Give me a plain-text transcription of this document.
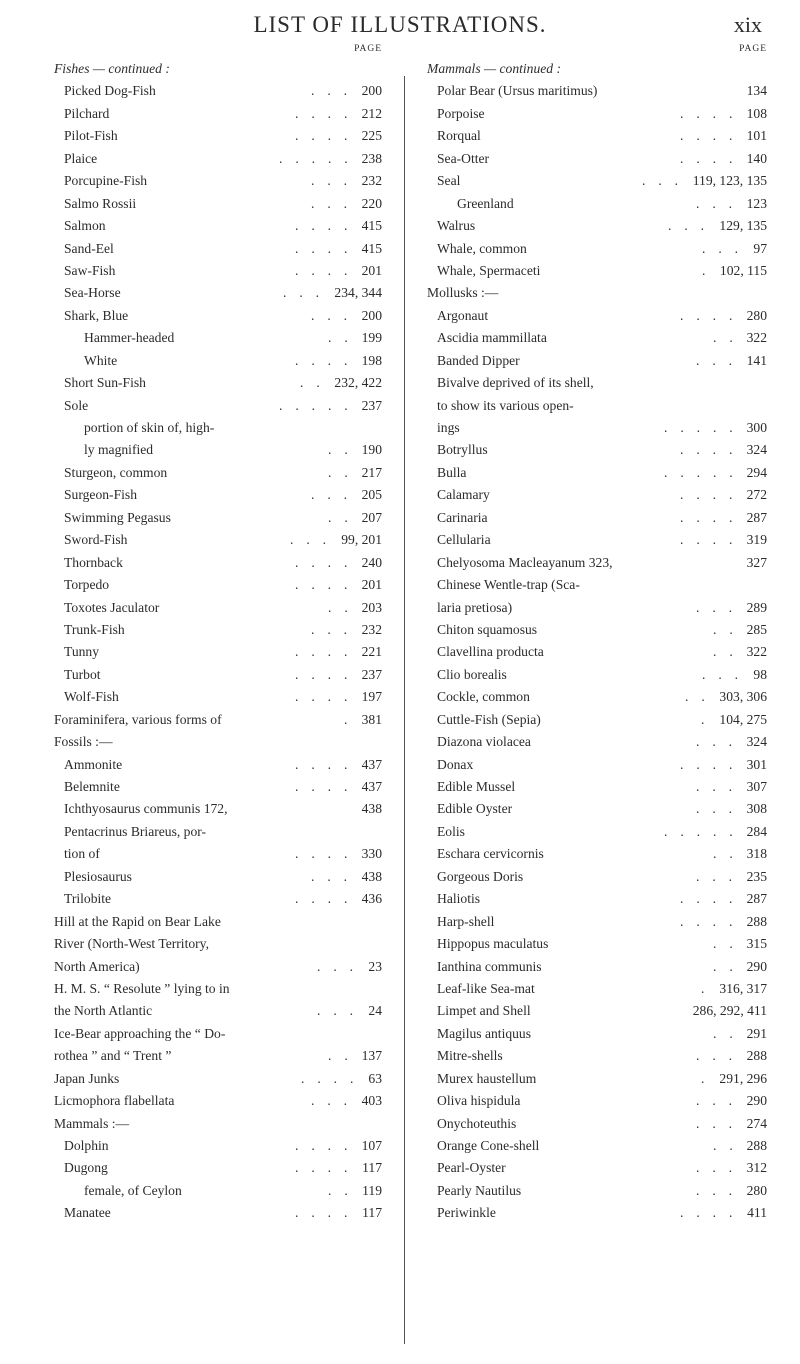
LIST OF ILLUSTRATIONS.	xix
PAGE
Fishes — continued :
Picked Dog-Fish	200
. . .
Pilchard	212
. . . .
Pilot-Fish	225
. . . .
Plaice	238
. . . . .
Porcupine-Fish	232
. . .
Salmo Rossii	220
. . .
Salmon	415
. . . .
Sand-Eel	415
. . . .
Saw-Fish	201
. . . .
Sea-Horse	234, 344
. . .
Shark, Blue	200
. . .
Hammer-headed	199
. .
White	198
. . . .
Short Sun-Fish	232, 422
. .
Sole	237
. . . . .
portion of skin of, high-
ly magnified	190
. .
Sturgeon, common	217
. .
Surgeon-Fish	205
. . .
Swimming Pegasus	207
. .
Sword-Fish	99, 201
. . .
Thornback	240
. . . .
Torpedo	201
. . . .
Toxotes Jaculator	203
. .
Trunk-Fish	232
. . .
Tunny	221
. . . .
Turbot	237
. . . .
Wolf-Fish	197
. . . .
Foraminifera, various forms of	381
.
Fossils :—
Ammonite	437
. . . .
Belemnite	437
. . . .
Ichthyosaurus communis 172,	438
Pentacrinus Briareus, por-
tion of	330
. . . .
Plesiosaurus	438
. . .
Trilobite	436
. . . .
Hill at the Rapid on Bear Lake
River (North-West Territory,
North America)	23
. . .
H. M. S. “ Resolute ” lying to in
the North Atlantic	24
. . .
Ice-Bear approaching the “ Do-
rothea ” and “ Trent ”	137
. .
Japan Junks	63
. . . .
Licmophora flabellata	403
. . .
Mammals :—
Dolphin	107
. . . .
Dugong	117
. . . .
female, of Ceylon	119
. .
Manatee	117
. . . .
PAGE
Mammals — continued :
Polar Bear (Ursus maritimus)	134
Porpoise	108
. . . .
Rorqual	101
. . . .
Sea-Otter	140
. . . .
Seal	119, 123, 135
. . .
Greenland	123
. . .
Walrus	129, 135
. . .
Whale, common	97
. . .
Whale, Spermaceti	102, 115
.
Mollusks :—
Argonaut	280
. . . .
Ascidia mammillata	322
. .
Banded Dipper	141
. . .
Bivalve deprived of its shell,
to show its various open-
ings	300
. . . . .
Botryllus	324
. . . .
Bulla	294
. . . . .
Calamary	272
. . . .
Carinaria	287
. . . .
Cellularia	319
. . . .
Chelyosoma Macleayanum 323,	327
Chinese Wentle-trap (Sca-
laria pretiosa)	289
. . .
Chiton squamosus	285
. .
Clavellina producta	322
. .
Clio borealis	98
. . .
Cockle, common	303, 306
. .
Cuttle-Fish (Sepia)	104, 275
.
Diazona violacea	324
. . .
Donax	301
. . . .
Edible Mussel	307
. . .
Edible Oyster	308
. . .
Eolis	284
. . . . .
Eschara cervicornis	318
. .
Gorgeous Doris	235
. . .
Haliotis	287
. . . .
Harp-shell	288
. . . .
Hippopus maculatus	315
. .
Ianthina communis	290
. .
Leaf-like Sea-mat	316, 317
.
Limpet and Shell	286, 292, 411
Magilus antiquus	291
. .
Mitre-shells	288
. . .
Murex haustellum	291, 296
.
Oliva hispidula	290
. . .
Onychoteuthis	274
. . .
Orange Cone-shell	288
. .
Pearl-Oyster	312
. . .
Pearly Nautilus	280
. . .
Periwinkle	411
. . . .
